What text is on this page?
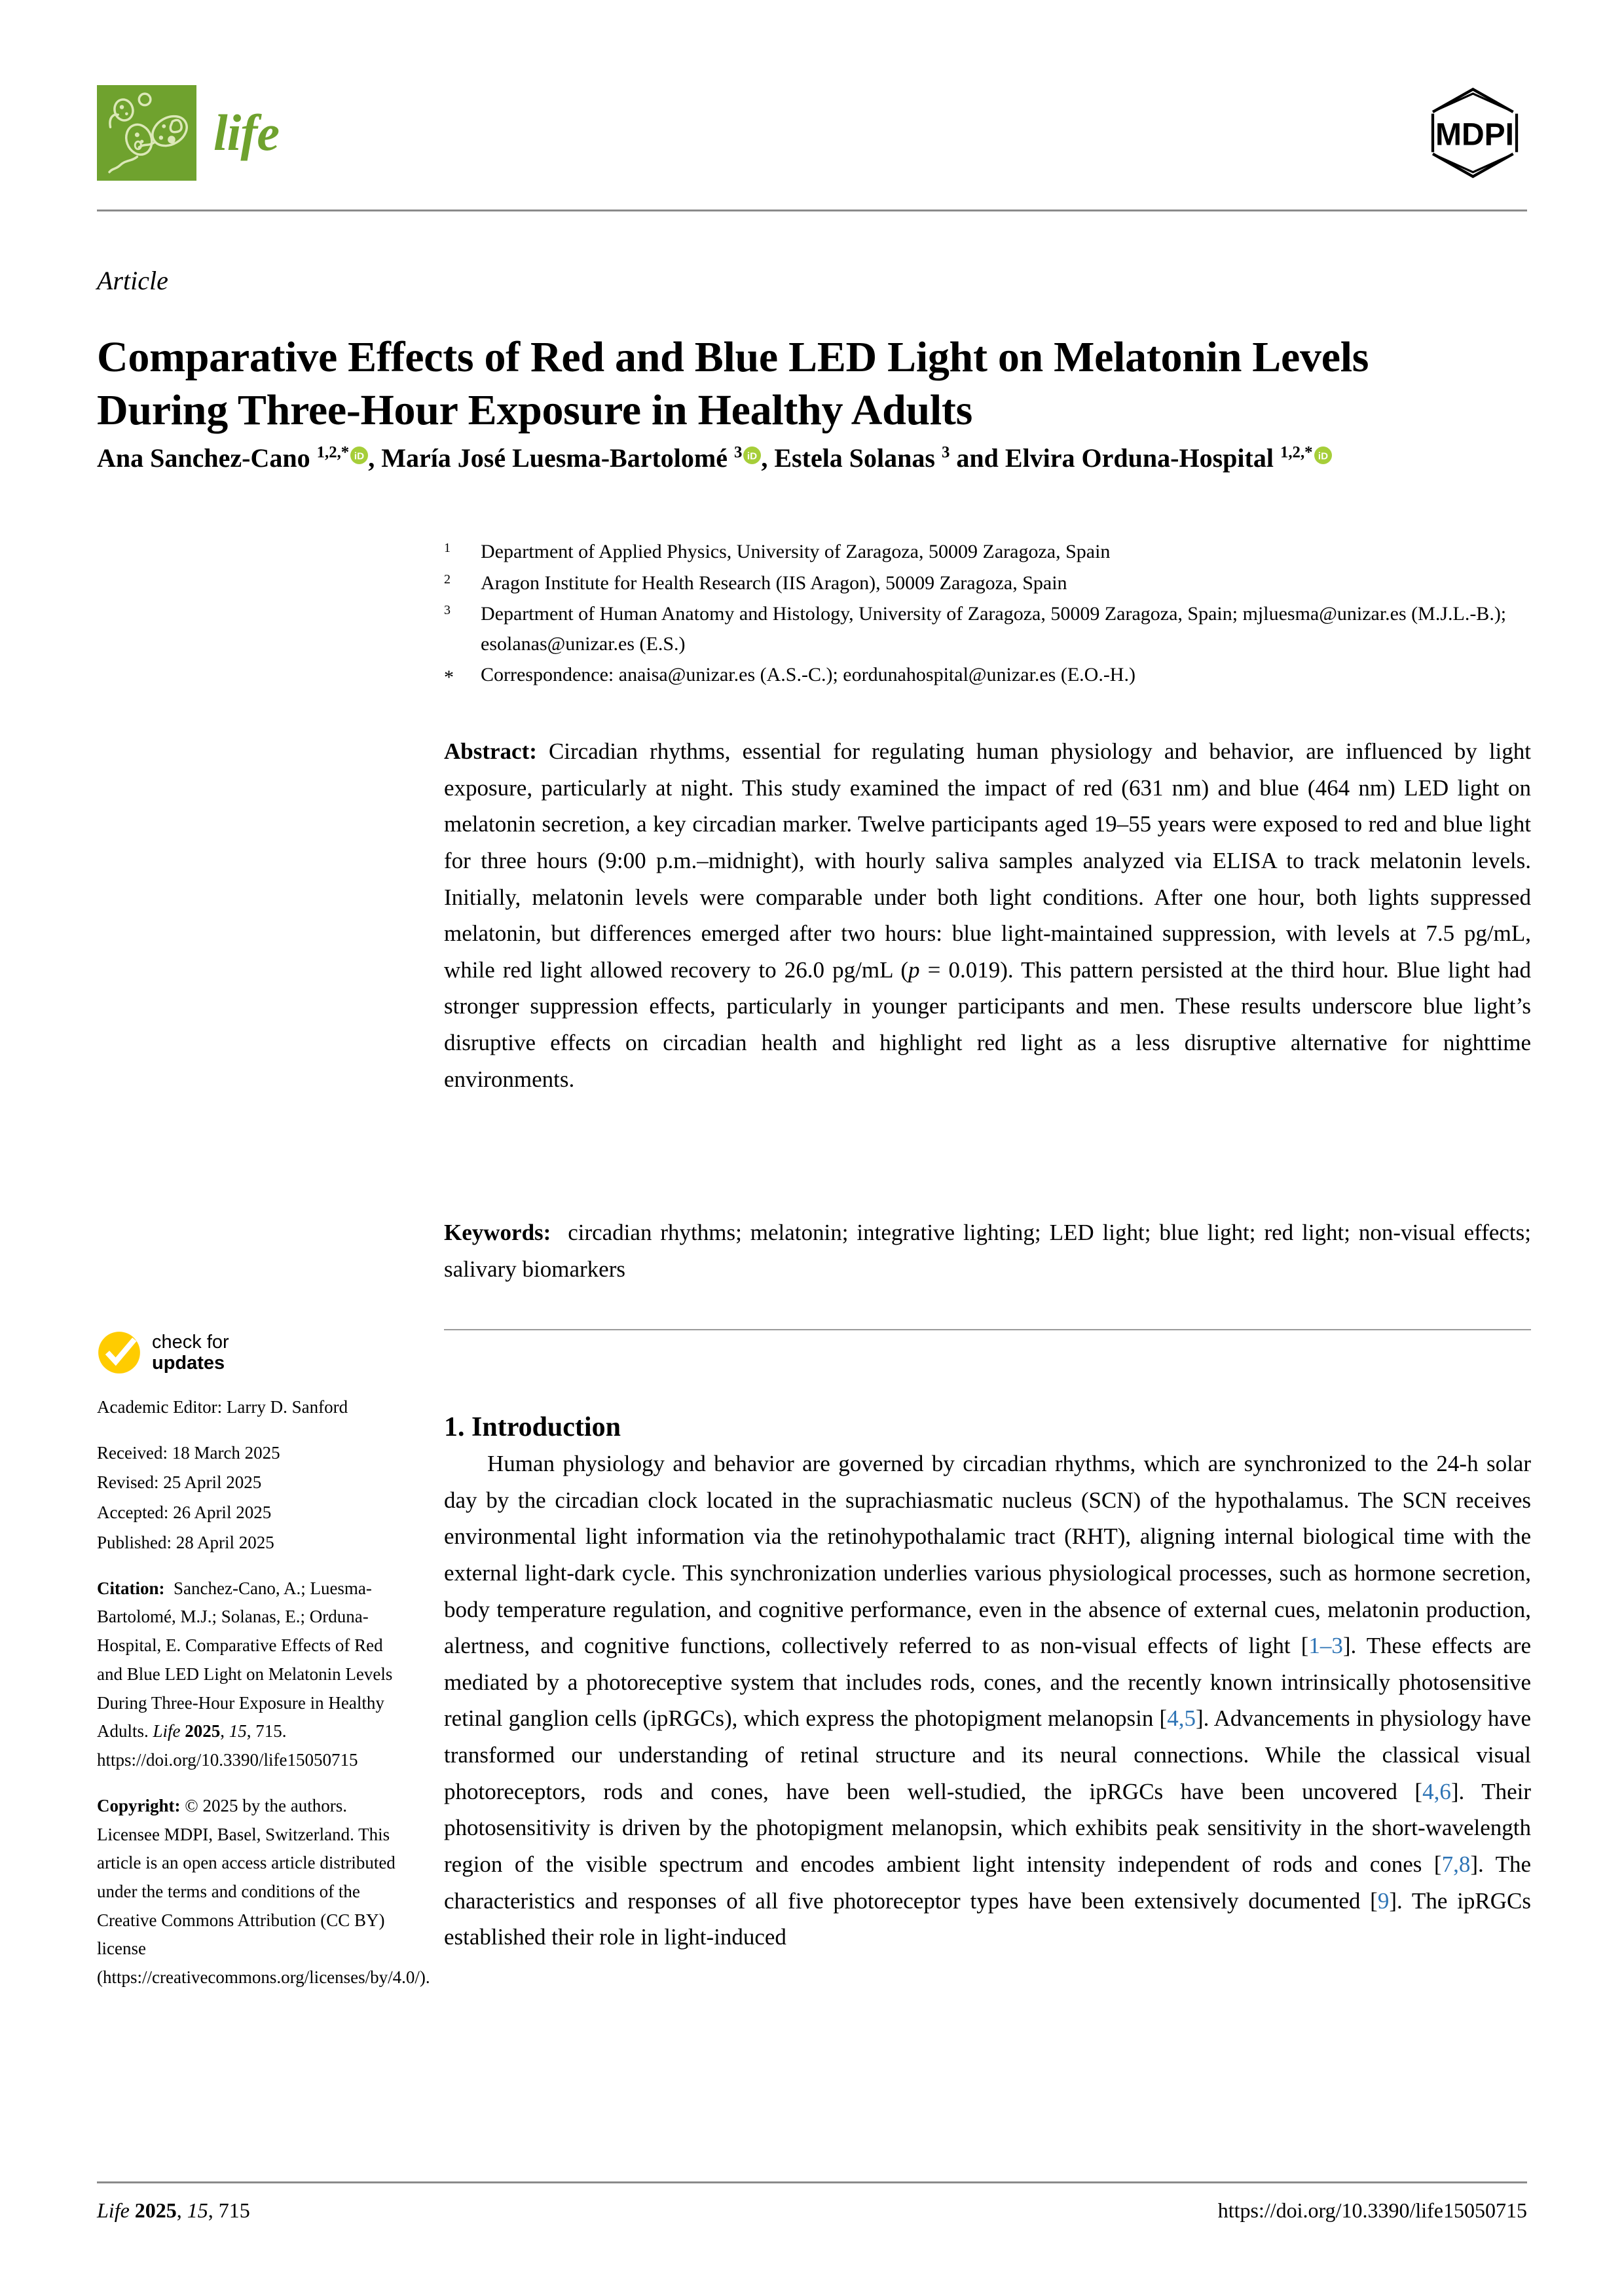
life	MDPI
Article
Comparative Effects of Red and Blue LED Light on Melatonin Levels During Three-Hour Exposure in Healthy Adults
Ana Sanchez-Cano $^{1,2,*}$ iD , María José Luesma-Bartolomé $^3$ iD , Estela Solanas $^3$ and Elvira Orduna-Hospital $^{1,2,*}$ iD
$^1$	Department of Applied Physics, University of Zaragoza, 50009 Zaragoza, Spain
$^2$	Aragon Institute for Health Research (IIS Aragon), 50009 Zaragoza, Spain
$^3$	Department of Human Anatomy and Histology, University of Zaragoza, 50009 Zaragoza, Spain; mjluesma@unizar.es (M.J.L.-B.); esolanas@unizar.es (E.S.)
*	Correspondence: anaisa@unizar.es (A.S.-C.); eordunahospital@unizar.es (E.O.-H.)
Abstract: Circadian rhythms, essential for regulating human physiology and behavior, are influenced by light exposure, particularly at night. This study examined the impact of red (631 nm) and blue (464 nm) LED light on melatonin secretion, a key circadian marker. Twelve participants aged 19–55 years were exposed to red and blue light for three hours (9:00 p.m.–midnight), with hourly saliva samples analyzed via ELISA to track melatonin levels. Initially, melatonin levels were comparable under both light conditions. After one hour, both lights suppressed melatonin, but differences emerged after two hours: blue light-maintained suppression, with levels at 7.5 pg/mL, while red light allowed recovery to 26.0 pg/mL (p = 0.019). This pattern persisted at the third hour. Blue light had stronger suppression effects, particularly in younger participants and men. These results underscore blue light’s disruptive effects on circadian health and highlight red light as a less disruptive alternative for nighttime environments.
Keywords:  circadian rhythms; melatonin; integrative lighting; LED light; blue light; red light; non-visual effects; salivary biomarkers
check for
updates
Academic Editor: Larry D. Sanford
Received: 18 March 2025
Revised: 25 April 2025
Accepted: 26 April 2025
Published: 28 April 2025
Citation:  Sanchez-Cano, A.; Luesma-Bartolomé, M.J.; Solanas, E.; Orduna-Hospital, E. Comparative Effects of Red and Blue LED Light on Melatonin Levels During Three-Hour Exposure in Healthy Adults. Life 2025, 15, 715. https://doi.org/10.3390/life15050715
Copyright: © 2025 by the authors. Licensee MDPI, Basel, Switzerland. This article is an open access article distributed under the terms and conditions of the Creative Commons Attribution (CC BY) license (https://creativecommons.org/licenses/by/4.0/).
1. Introduction

Human physiology and behavior are governed by circadian rhythms, which are synchronized to the 24-h solar day by the circadian clock located in the suprachiasmatic nucleus (SCN) of the hypothalamus. The SCN receives environmental light information via the retinohypothalamic tract (RHT), aligning internal biological time with the external light-dark cycle. This synchronization underlies various physiological processes, such as hormone secretion, body temperature regulation, and cognitive performance, even in the absence of external cues, melatonin production, alertness, and cognitive functions, collectively referred to as non-visual effects of light [1–3]. These effects are mediated by a photoreceptive system that includes rods, cones, and the recently known intrinsically photosensitive retinal ganglion cells (ipRGCs), which express the photopigment melanopsin [4,5]. Advancements in physiology have transformed our understanding of retinal structure and its neural connections. While the classical visual photoreceptors, rods and cones, have been well-studied, the ipRGCs have been uncovered [4,6]. Their photosensitivity is driven by the photopigment melanopsin, which exhibits peak sensitivity in the short-wavelength region of the visible spectrum and encodes ambient light intensity independent of rods and cones [7,8]. The characteristics and responses of all five photoreceptor types have been extensively documented [9]. The ipRGCs established their role in light-induced

Life 2025, 15, 715	https://doi.org/10.3390/life15050715
